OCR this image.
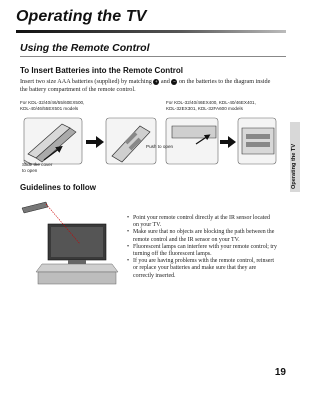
Operating the TV
Using the Remote Control
To Insert Batteries into the Remote Control
Insert two size AAA batteries (supplied) by matching + and − on the batteries to the diagram inside the battery compartment of the remote control.
Operating the TV
For KDL-32/40/46/55/60EX500,
KDL-40/46/55EX501 models
For KDL-32/40/46EX400, KDL-40/46EX401,
KDL-32EX301, KDL-32FA600 models
Push to open
Slide the cover
to open
Guidelines to follow
• Point your remote control directly at the IR sensor located on your TV.
• Make sure that no objects are blocking the path between the remote control and the IR sensor on your TV.
• Fluorescent lamps can interfere with your remote control; try turning off the fluorescent lamps.
• If you are having problems with the remote control, reinsert or replace your batteries and make sure that they are correctly inserted.
19
